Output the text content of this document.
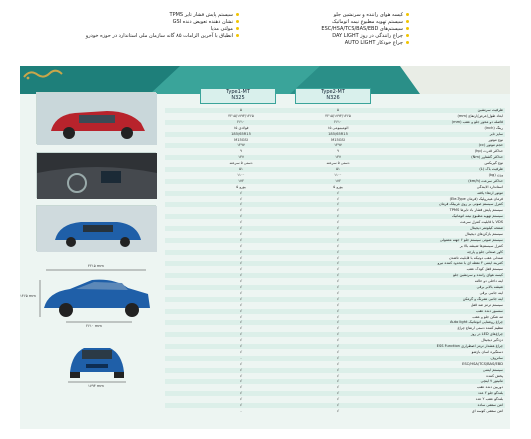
کیسه هوای راننده و سرنشین جلو
سیستم تهویه مطبوع نیمه اتوماتیک
سیستم‌های ESC/HSA/TCS/BAS/EBD
چراغ رانندگی در روز DAY LIGHT
چراغ خودکار AUTO LIGHT
سیستم پایش فشار تایر TPMS
نشان دهنده تعویض دنده GSI
مولتی مدیا
انطباق با آخرین الزامات ۸۵ گانه سازمان ملی استاندارد در حوزه خودرو
Type1-MT
N325
Type2-MT
N326
۴۲۱۵ mm
۱۴۶۵ mm
۲۶۱۰ mm
۱۷۹۳ mm
۵	۵	ظرفیت سرنشین
۴۲۱۵/۱۷۹۳/۱۴۶۵	۴۲۱۵/۱۷۹۳/۱۴۶۵	ابعاد طول/عرض/ارتفاع (mm)
۲۶۱۰	۲۶۱۰	فاصله دو محور جلو و عقب (mm)
۱۵ فولادی	۱۵ آلومینیومی	رینگ (inch)
185/65R15	185/65R15	سایز تایر
M15GSI	M15GSI	نوع موتور
۱۴۹۷	۱۴۹۷	حجم موتور (cc)
۹	۹	حداکثر قدرت (hp)
۱۳۷	۱۳۷	حداکثر گشتاور (Nm)
دستی ۵ سرعته	دستی ۵ سرعته	نوع گیربکس
۵۱	۵۱	ظرفیت باک (L)
۱۱۰۰	۱۱۰۰	وزن (kg)
۱۷۲	۱۷۲	حداکثر سرعت (km/h)
یورو ۵	یورو ۵	استاندارد آلایندگی
√	√	موتور ارتقاء یافته
√	√	فرمان هیدرولیک (فرمان Ele-Type)
√	√	کنترل سیستم صوتی بر روی غربیلک فرمان
√	√	سیستم پایش فشار باد تایرها TPMS
√	√	سیستم تهویه مطبوع نیمه اتوماتیک
√	√	VDS با قابلیت کنترل سرعت
√	√	صفحه کیلومتر دیجیتال
√	√	سیستم بازکن‌های دیجیتال
√	√	سیستم صوتی سیستم جلو ۶ جهته معمولی
√	√	کنترل سیستم‌ها شیشه بالا بر
√	√	کاور صندلی جلو و پارچه
√	√	صندلی عقب دوتیکه با قابلیت تاشدن
√	√	کمربند ایمنی ۳ نقطه ای با محدود کننده نیرو
√	√	سیستم قفل کودک عقب
√	√	کیسه هوای راننده و سرنشین جلو
√	√	آینه داخلی دو حالته
√	√	شیشه بالابر برقی
√	√	آینه جانبی برقی
√	√	آینه جانبی همرنگ و گرمکن
√	√	سیستم ترمز ضد قفل
√	√	سنسور دنده عقب
√	√	مه شکن جلو و عقب
√	√	چراغ روشنایی اتوماتیک Auto light
√	√	تنظیم کننده دستی ارتفاع چراغ
√	√	چراغ‌های LED در روز
√	√	دزدگیر دیجیتال
√	√	چراغ هشدار ترمز اضطراری ESS Function
√	√	دستگیره آسان بازشو
-	√	سانروف
√	√	ESC/HSA/TCS/BAS/EBD
√	√	سیستم ایمنی
√	√	پخش کننده
√	√	مانیتور ۷ اینچی
√	√	دوربین دنده عقب
√	√	بلندگو جلو ۲ عدد
√	√	بلندگو عقب ۲ عدد
√	√	آنتن سقفی ساده
-	√	آنتن سقفی کوسه ای
